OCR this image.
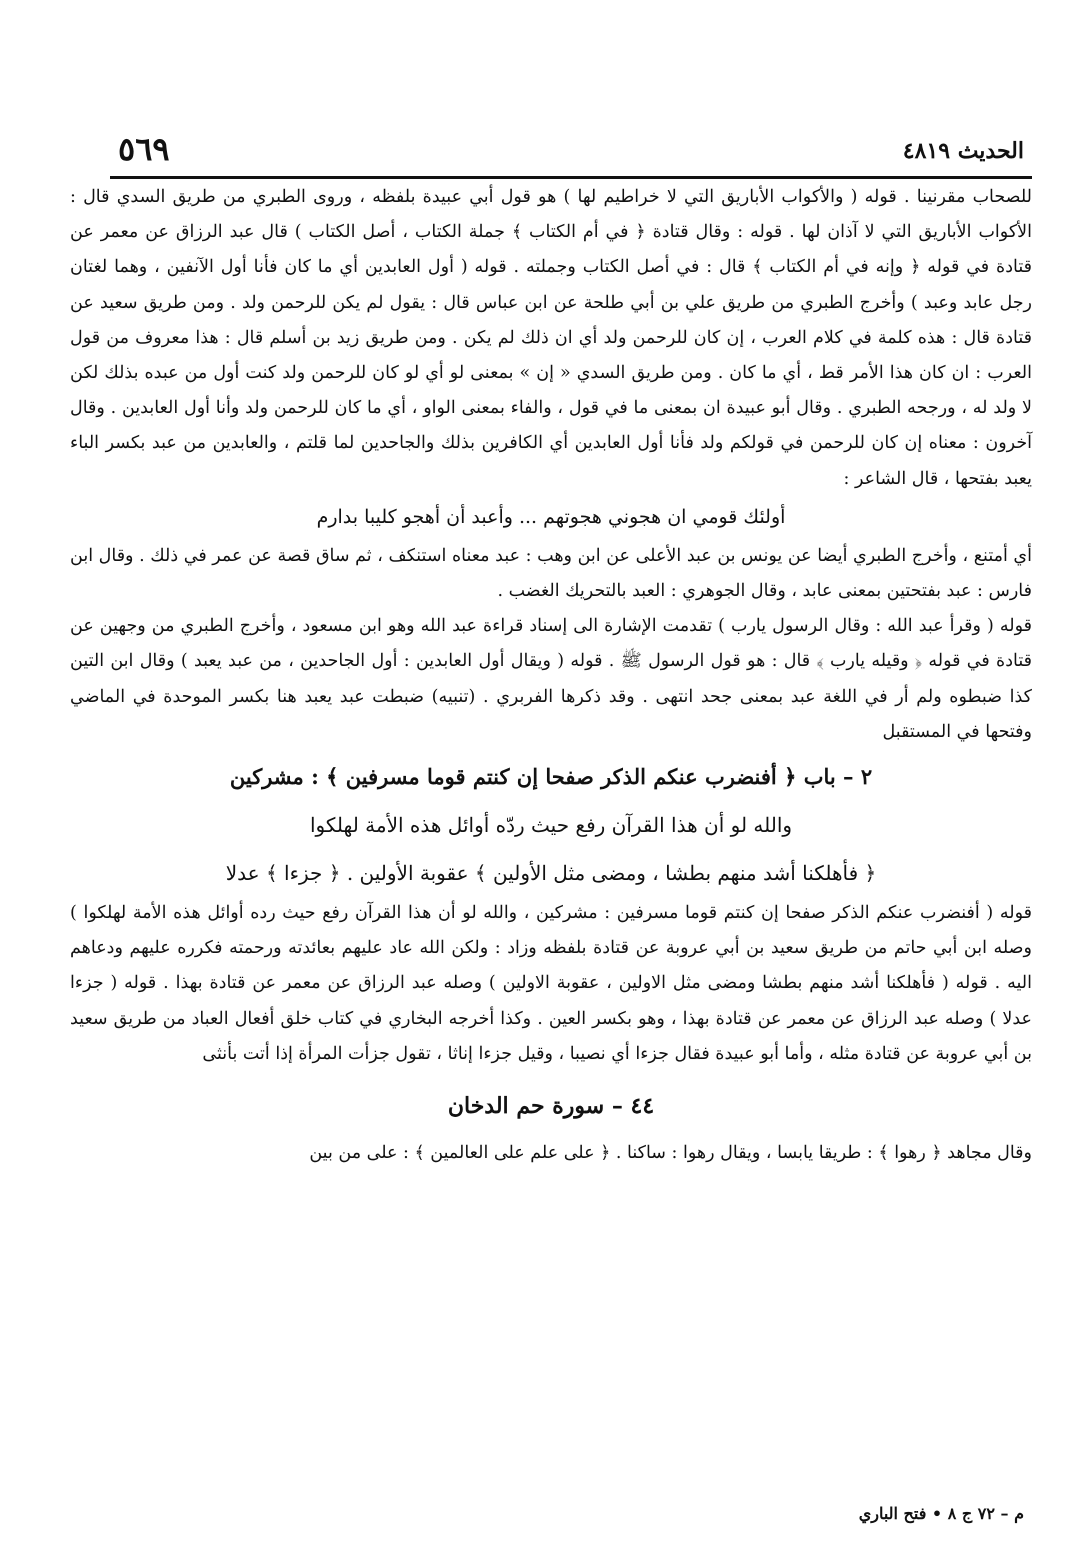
الحديث ٤٨١٩
٥٦٩

للصحاب مقرنينا . قوله ( والأكواب الأباريق التي لا خراطيم لها ) هو قول أبي عبيدة بلفظه ، وروى الطبري من طريق السدي قال : الأكواب الأباريق التي لا آذان لها . قوله : وقال قتادة ﴿ في أم الكتاب ﴾ جملة الكتاب ، أصل الكتاب ) قال عبد الرزاق عن معمر عن قتادة في قوله ﴿ وإنه في أم الكتاب ﴾ قال : في أصل الكتاب وجملته . قوله ( أول العابدين أي ما كان فأنا أول الآنفين ، وهما لغتان رجل عابد وعبد ) وأخرج الطبري من طريق علي بن أبي طلحة عن ابن عباس قال : يقول لم يكن للرحمن ولد . ومن طريق سعيد عن قتادة قال : هذه كلمة في كلام العرب ، إن كان للرحمن ولد أي ان ذلك لم يكن . ومن طريق زيد بن أسلم قال : هذا معروف من قول العرب : ان كان هذا الأمر قط ، أي ما كان . ومن طريق السدي « إن » بمعنى لو أي لو كان للرحمن ولد كنت أول من عبده بذلك لكن لا ولد له ، ورجحه الطبري . وقال أبو عبيدة ان بمعنى ما في قول ، والفاء بمعنى الواو ، أي ما كان للرحمن ولد وأنا أول العابدين . وقال آخرون : معناه إن كان للرحمن في قولكم ولد فأنا أول العابدين أي الكافرين بذلك والجاحدين لما قلتم ، والعابدين من عبد بكسر الباء يعبد بفتحها ، قال الشاعر :

أولئك قومي ان هجوني هجوتهم ... وأعبد أن أهجو كليبا بدارم

أي أمتنع ، وأخرج الطبري أيضا عن يونس بن عبد الأعلى عن ابن وهب : عبد معناه استنكف ، ثم ساق قصة عن عمر في ذلك . وقال ابن فارس : عبد بفتحتين بمعنى عابد ، وقال الجوهري : العبد بالتحريك الغضب .

قوله ( وقرأ عبد الله : وقال الرسول يارب ) تقدمت الإشارة الى إسناد قراءة عبد الله وهو ابن مسعود ، وأخرج الطبري من وجهين عن قتادة في قوله ﴿ وقيله يارب ﴾ قال : هو قول الرسول ﷺ . قوله ( ويقال أول العابدين : أول الجاحدين ، من عبد يعبد ) وقال ابن التين كذا ضبطوه ولم أر في اللغة عبد بمعنى جحد انتهى . وقد ذكرها الفربري . (تنبيه) ضبطت عبد يعبد هنا بكسر الموحدة في الماضي وفتحها في المستقبل

٢ – باب ﴿ أفنضرب عنكم الذكر صفحا إن كنتم قوما مسرفين ﴾ : مشركين

والله لو أن هذا القرآن رفع حيث ردّه أوائل هذه الأمة لهلكوا

﴿ فأهلكنا أشد منهم بطشا ، ومضى مثل الأولين ﴾ عقوبة الأولين . ﴿ جزءا ﴾ عدلا

قوله ( أفنضرب عنكم الذكر صفحا إن كنتم قوما مسرفين : مشركين ، والله لو أن هذا القرآن رفع حيث رده أوائل هذه الأمة لهلكوا ) وصله ابن أبي حاتم من طريق سعيد بن أبي عروبة عن قتادة بلفظه وزاد : ولكن الله عاد عليهم بعائدته ورحمته فكرره عليهم ودعاهم اليه . قوله ( فأهلكنا أشد منهم بطشا ومضى مثل الاولين ، عقوبة الاولين ) وصله عبد الرزاق عن معمر عن قتادة بهذا . قوله ( جزءا عدلا ) وصله عبد الرزاق عن معمر عن قتادة بهذا ، وهو بكسر العين . وكذا أخرجه البخاري في كتاب خلق أفعال العباد من طريق سعيد بن أبي عروبة عن قتادة مثله ، وأما أبو عبيدة فقال جزءا أي نصيبا ، وقيل جزءا إناثا ، تقول جزأت المرأة إذا أتت بأنثى

٤٤ – سورة حم الدخان

وقال مجاهد ﴿ رهوا ﴾ : طريقا يابسا ، ويقال رهوا : ساكنا . ﴿ على علم على العالمين ﴾ : على من بين

م – ٧٢ ج ٨ • فتح الباري
